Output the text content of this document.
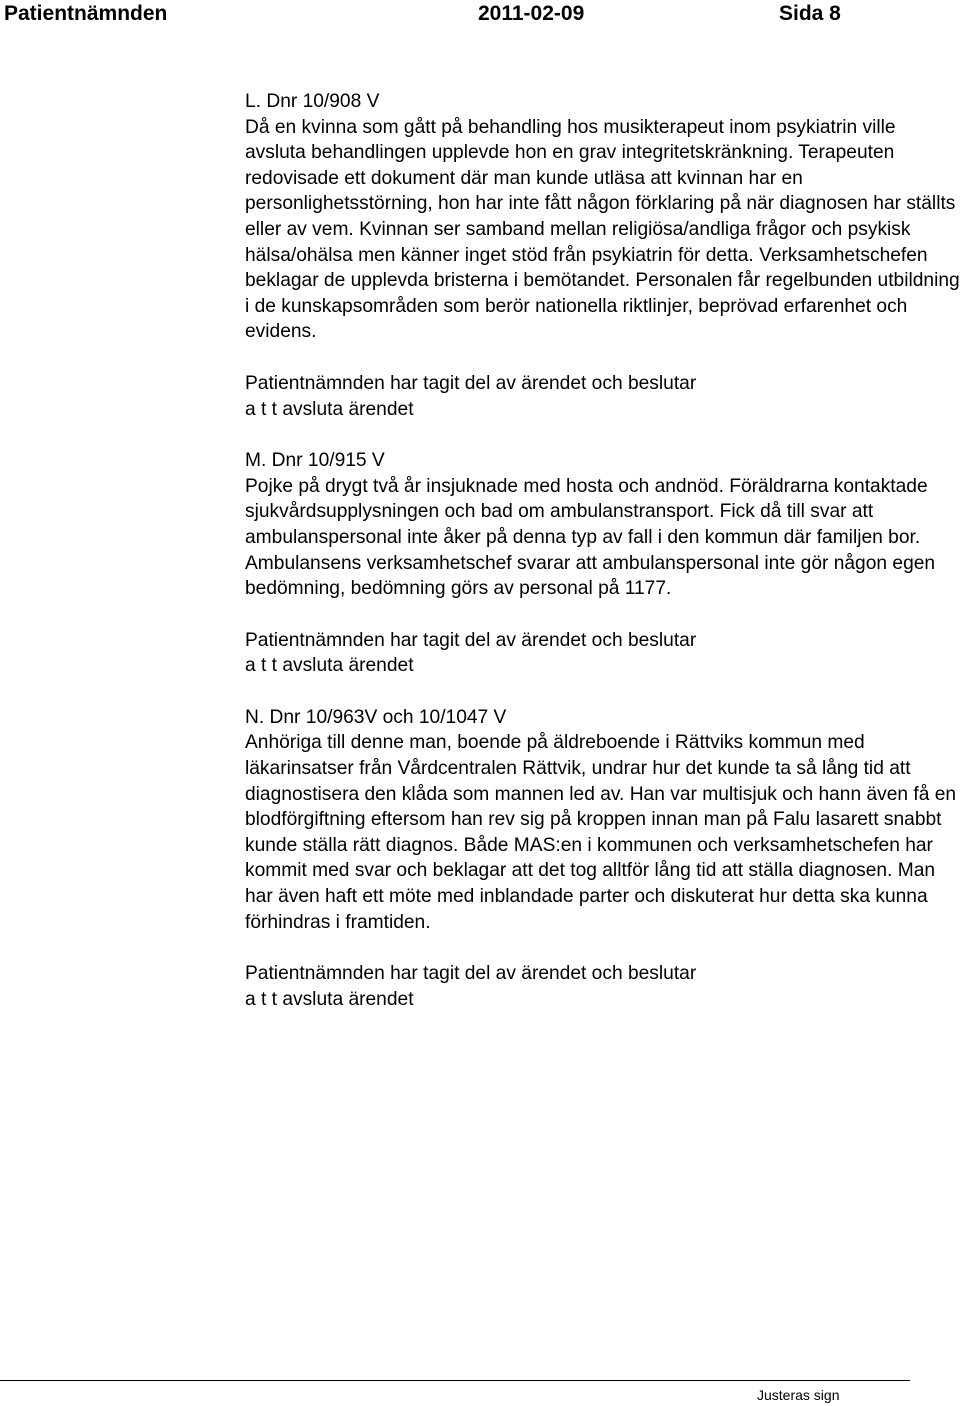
Patientnämnden	2011-02-09	Sida 8
L. Dnr 10/908 V

Då en kvinna som gått på behandling hos musikterapeut inom psykiatrin ville avsluta behandlingen upplevde hon en grav integritetskränkning. Terapeuten redovisade ett dokument där man kunde utläsa att kvinnan har en personlighetsstörning, hon har inte fått någon förklaring på när diagnosen har ställts eller av vem. Kvinnan ser samband mellan religiösa/andliga frågor och psykisk hälsa/ohälsa men känner inget stöd från psykiatrin för detta. Verksamhetschefen beklagar de upplevda bristerna i bemötandet. Personalen får regelbunden utbildning i de kunskapsområden som berör nationella riktlinjer, beprövad erfarenhet och evidens.

Patientnämnden har tagit del av ärendet och beslutar
a t t avsluta ärendet
M. Dnr 10/915 V

Pojke på drygt två år insjuknade med hosta och andnöd. Föräldrarna kontaktade sjukvårdsupplysningen och bad om ambulanstransport. Fick då till svar att ambulanspersonal inte åker på denna typ av fall i den kommun där familjen bor. Ambulansens verksamhetschef svarar att ambulanspersonal inte gör någon egen bedömning, bedömning görs av personal på 1177.

Patientnämnden har tagit del av ärendet och beslutar
a t t avsluta ärendet
N. Dnr 10/963V och 10/1047 V

Anhöriga till denne man, boende på äldreboende i Rättviks kommun med läkarinsatser från Vårdcentralen Rättvik, undrar hur det kunde ta så lång tid att diagnostisera den klåda som mannen led av. Han var multisjuk och hann även få en blodförgiftning eftersom han rev sig på kroppen innan man på Falu lasarett snabbt kunde ställa rätt diagnos. Både MAS:en i kommunen och verksamhetschefen har kommit med svar och beklagar att det tog alltför lång tid att ställa diagnosen. Man har även haft ett möte med inblandade parter och diskuterat hur detta ska kunna förhindras i framtiden.

Patientnämnden har tagit del av ärendet och beslutar
a t t avsluta ärendet
Justeras sign
